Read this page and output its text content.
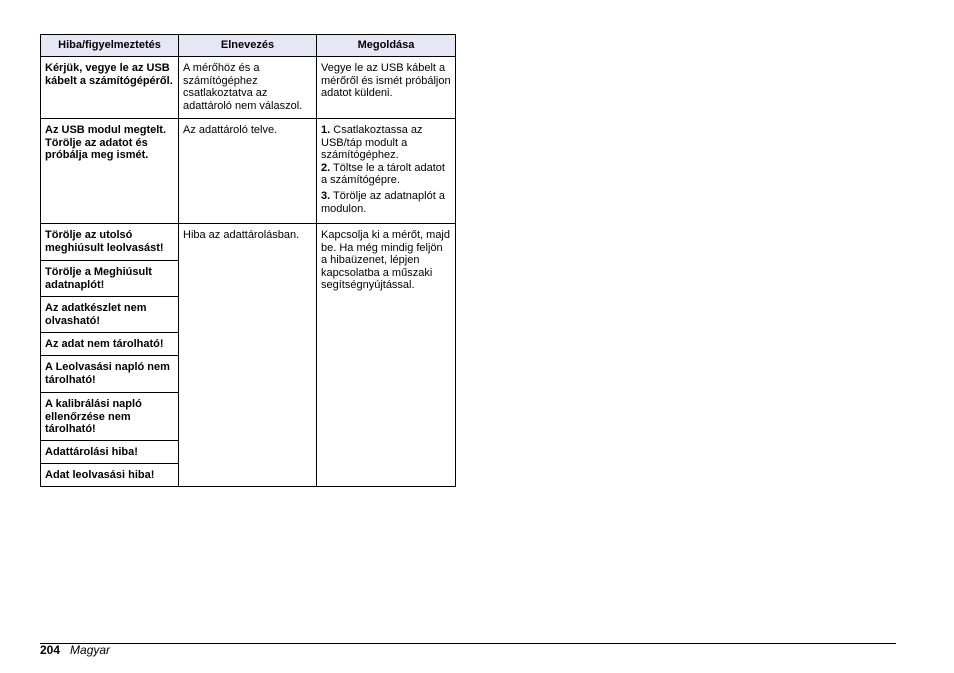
Hiba/figyelmeztetés	Elnevezés	Megoldása
Kérjük, vegye le az USB kábelt a számítógépéről.	A mérőhöz és a számítógéphez csatlakoztatva az adattároló nem válaszol.	Vegye le az USB kábelt a mérőről és ismét próbáljon adatot küldeni.
Az USB modul megtelt. Törölje az adatot és próbálja meg ismét.	Az adattároló telve.	1. Csatlakoztassa az USB/táp modult a számítógéphez.
2. Töltse le a tárolt adatot a számítógépre.
3. Törölje az adatnaplót a modulon.

Törölje az utolsó meghiúsult leolvasást!	Hiba az adattárolásban.	Kapcsolja ki a mérőt, majd be. Ha még mindig feljön a hibaüzenet, lépjen kapcsolatba a műszaki segítségnyújtással.
Törölje a Meghiúsult adatnaplót!		
Az adatkészlet nem olvasható!		
Az adat nem tárolható!		
A Leolvasási napló nem tárolható!		
A kalibrálási napló ellenőrzése nem tárolható!		
Adattárolási hiba!		
Adat leolvasási hiba!		
204 Magyar
